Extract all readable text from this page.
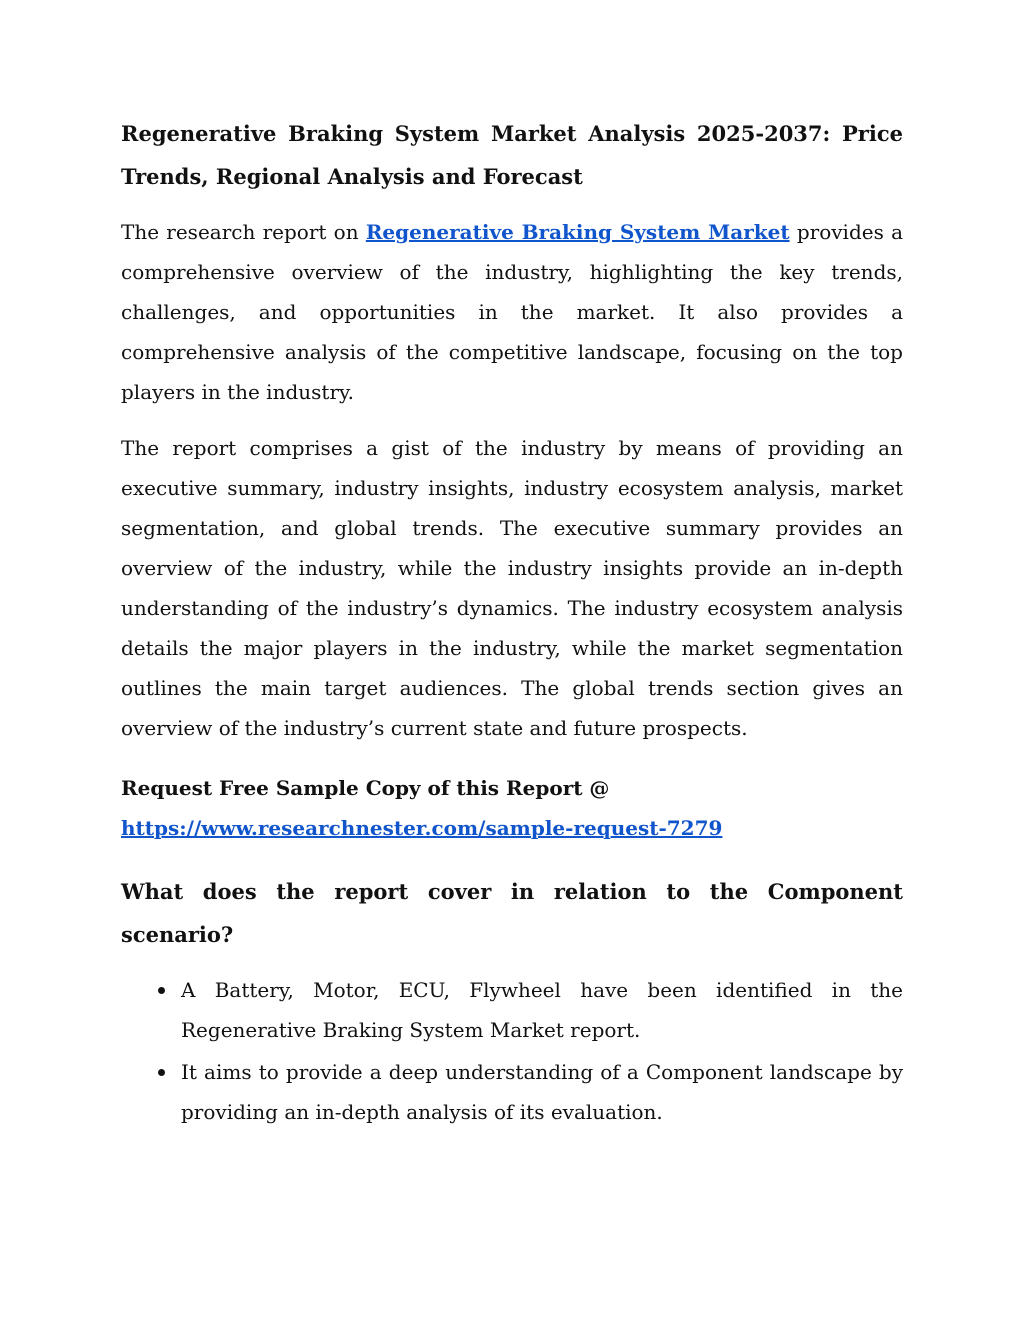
Regenerative Braking System Market Analysis 2025-2037: Price Trends, Regional Analysis and Forecast

The research report on Regenerative Braking System Market provides a comprehensive overview of the industry, highlighting the key trends, challenges, and opportunities in the market. It also provides a comprehensive analysis of the competitive landscape, focusing on the top players in the industry.

The report comprises a gist of the industry by means of providing an executive summary, industry insights, industry ecosystem analysis, market segmentation, and global trends. The executive summary provides an overview of the industry, while the industry insights provide an in-depth understanding of the industry’s dynamics. The industry ecosystem analysis details the major players in the industry, while the market segmentation outlines the main target audiences. The global trends section gives an overview of the industry’s current state and future prospects.

Request Free Sample Copy of this Report @
https://www.researchnester.com/sample-request-7279
What does the report cover in relation to the Component scenario?
A Battery, Motor, ECU, Flywheel have been identified in the Regenerative Braking System Market report.
It aims to provide a deep understanding of a Component landscape by providing an in-depth analysis of its evaluation.
